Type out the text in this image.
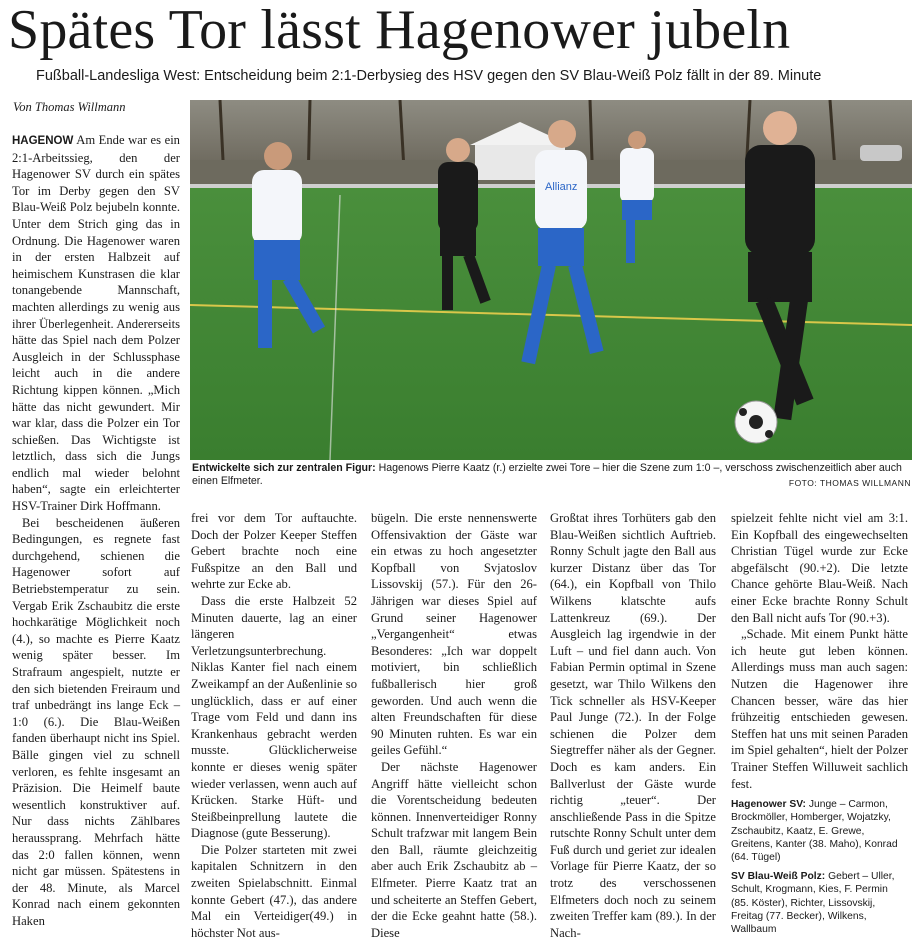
Spätes Tor lässt Hagenower jubeln
Fußball-Landesliga West: Entscheidung beim 2:1-Derbysieg des HSV gegen den SV Blau-Weiß Polz fällt in der 89. Minute
Von Thomas Willmann
Allianz
Entwickelte sich zur zentralen Figur: Hagenows Pierre Kaatz (r.) erzielte zwei Tore – hier die Szene zum 1:0 –, verschoss zwischenzeitlich aber auch einen Elfmeter.	FOTO: THOMAS WILLMANN

HAGENOW Am Ende war es ein 2:1-Arbeitssieg, den der Hagenower SV durch ein spätes Tor im Derby gegen den SV Blau-Weiß Polz bejubeln konnte. Unter dem Strich ging das in Ordnung. Die Hagenower waren in der ersten Halbzeit auf heimischem Kunstrasen die klar tonangebende Mannschaft, machten allerdings zu wenig aus ihrer Überlegenheit. Andererseits hätte das Spiel nach dem Polzer Ausgleich in der Schlussphase leicht auch in die andere Richtung kippen können. „Mich hätte das nicht gewundert. Mir war klar, dass die Polzer ein Tor schießen. Das Wichtigste ist letztlich, dass sich die Jungs endlich mal wieder belohnt haben“, sagte ein erleichterter HSV-Trainer Dirk Hoffmann.

Bei bescheidenen äußeren Bedingungen, es regnete fast durchgehend, schienen die Hagenower sofort auf Betriebstemperatur zu sein. Vergab Erik Zschaubitz die erste hochkarätige Möglichkeit noch (4.), so machte es Pierre Kaatz wenig später besser. Im Strafraum angespielt, nutzte er den sich bietenden Freiraum und traf unbedrängt ins lange Eck – 1:0 (6.). Die Blau-Weißen fanden überhaupt nicht ins Spiel. Bälle gingen viel zu schnell verloren, es fehlte insgesamt an Präzision. Die Heimelf baute wesentlich konstruktiver auf. Nur dass nichts Zählbares heraussprang. Mehrfach hätte das 2:0 fallen können, wenn nicht gar müssen. Spätestens in der 48. Minute, als Marcel Konrad nach einem gekonnten Haken

frei vor dem Tor auftauchte. Doch der Polzer Keeper Steffen Gebert brachte noch eine Fußspitze an den Ball und wehrte zur Ecke ab.

Dass die erste Halbzeit 52 Minuten dauerte, lag an einer längeren Verletzungsunterbrechung. Niklas Kanter fiel nach einem Zweikampf an der Außenlinie so unglücklich, dass er auf einer Trage vom Feld und dann ins Krankenhaus gebracht werden musste. Glücklicherweise konnte er dieses wenig später wieder verlassen, wenn auch auf Krücken. Starke Hüft- und Steißbeinprellung lautete die Diagnose (gute Besserung).

Die Polzer starteten mit zwei kapitalen Schnitzern in den zweiten Spielabschnitt. Einmal konnte Gebert (47.), das andere Mal ein Verteidiger(49.) in höchster Not aus-

bügeln. Die erste nennenswerte Offensivaktion der Gäste war ein etwas zu hoch angesetzter Kopfball von Svjatoslov Lissovskij (57.). Für den 26-Jährigen war dieses Spiel auf Grund seiner Hagenower „Vergangenheit“ etwas Besonderes: „Ich war doppelt motiviert, bin schließlich fußballerisch hier groß geworden. Und auch wenn die alten Freundschaften für diese 90 Minuten ruhten. Es war ein geiles Gefühl.“

Der nächste Hagenower Angriff hätte vielleicht schon die Vorentscheidung bedeuten können. Innenverteidiger Ronny Schult trafzwar mit langem Bein den Ball, räumte gleichzeitig aber auch Erik Zschaubitz ab – Elfmeter. Pierre Kaatz trat an und scheiterte an Steffen Gebert, der die Ecke geahnt hatte (58.). Diese

Großtat ihres Torhüters gab den Blau-Weißen sichtlich Auftrieb. Ronny Schult jagte den Ball aus kurzer Distanz über das Tor (64.), ein Kopfball von Thilo Wilkens klatschte aufs Lattenkreuz (69.). Der Ausgleich lag irgendwie in der Luft – und fiel dann auch. Von Fabian Permin optimal in Szene gesetzt, war Thilo Wilkens den Tick schneller als HSV-Keeper Paul Junge (72.). In der Folge schienen die Polzer dem Siegtreffer näher als der Gegner. Doch es kam anders. Ein Ballverlust der Gäste wurde richtig „teuer“. Der anschließende Pass in die Spitze rutschte Ronny Schult unter dem Fuß durch und geriet zur idealen Vorlage für Pierre Kaatz, der so trotz des verschossenen Elfmeters doch noch zu seinem zweiten Treffer kam (89.). In der Nach-

spielzeit fehlte nicht viel am 3:1. Ein Kopfball des eingewechselten Christian Tügel wurde zur Ecke abgefälscht (90.+2). Die letzte Chance gehörte Blau-Weiß. Nach einer Ecke brachte Ronny Schult den Ball nicht aufs Tor (90.+3).

„Schade. Mit einem Punkt hätte ich heute gut leben können. Allerdings muss man auch sagen: Nutzen die Hagenower ihre Chancen besser, wäre das hier frühzeitig entschieden gewesen. Steffen hat uns mit seinen Paraden im Spiel gehalten“, hielt der Polzer Trainer Steffen Willuweit sachlich fest.

Hagenower SV: Junge – Carmon, Brockmöller, Homberger, Wojatzky, Zschaubitz, Kaatz, E. Grewe, Greitens, Kanter (38. Maho), Konrad (64. Tügel)
SV Blau-Weiß Polz: Gebert – Uller, Schult, Krogmann, Kies, F. Permin (85. Köster), Richter, Lissovskij, Freitag (77. Becker), Wilkens, Wallbaum
